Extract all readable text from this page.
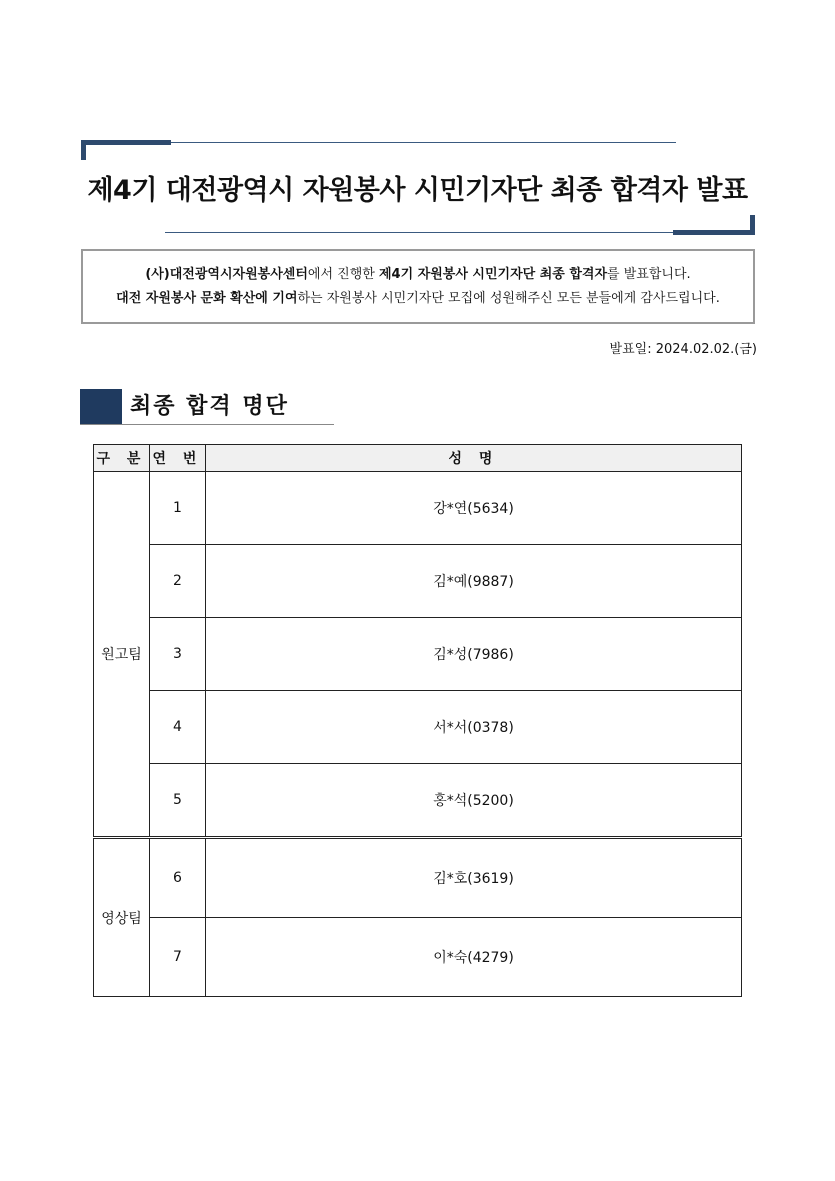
제4기 대전광역시 자원봉사 시민기자단 최종 합격자 발표
(사)대전광역시자원봉사센터에서 진행한 제4기 자원봉사 시민기자단 최종 합격자를 발표합니다.
대전 자원봉사 문화 확산에 기여하는 자원봉사 시민기자단 모집에 성원해주신 모든 분들에게 감사드립니다.
발표일: 2024.02.02.(금)
최종 합격 명단
구 분	연 번	성 명
원고팀	1	강*연(5634)
	2	김*예(9887)
	3	김*성(7986)
	4	서*서(0378)
	5	홍*석(5200)
영상팀	6	김*호(3619)
	7	이*숙(4279)
